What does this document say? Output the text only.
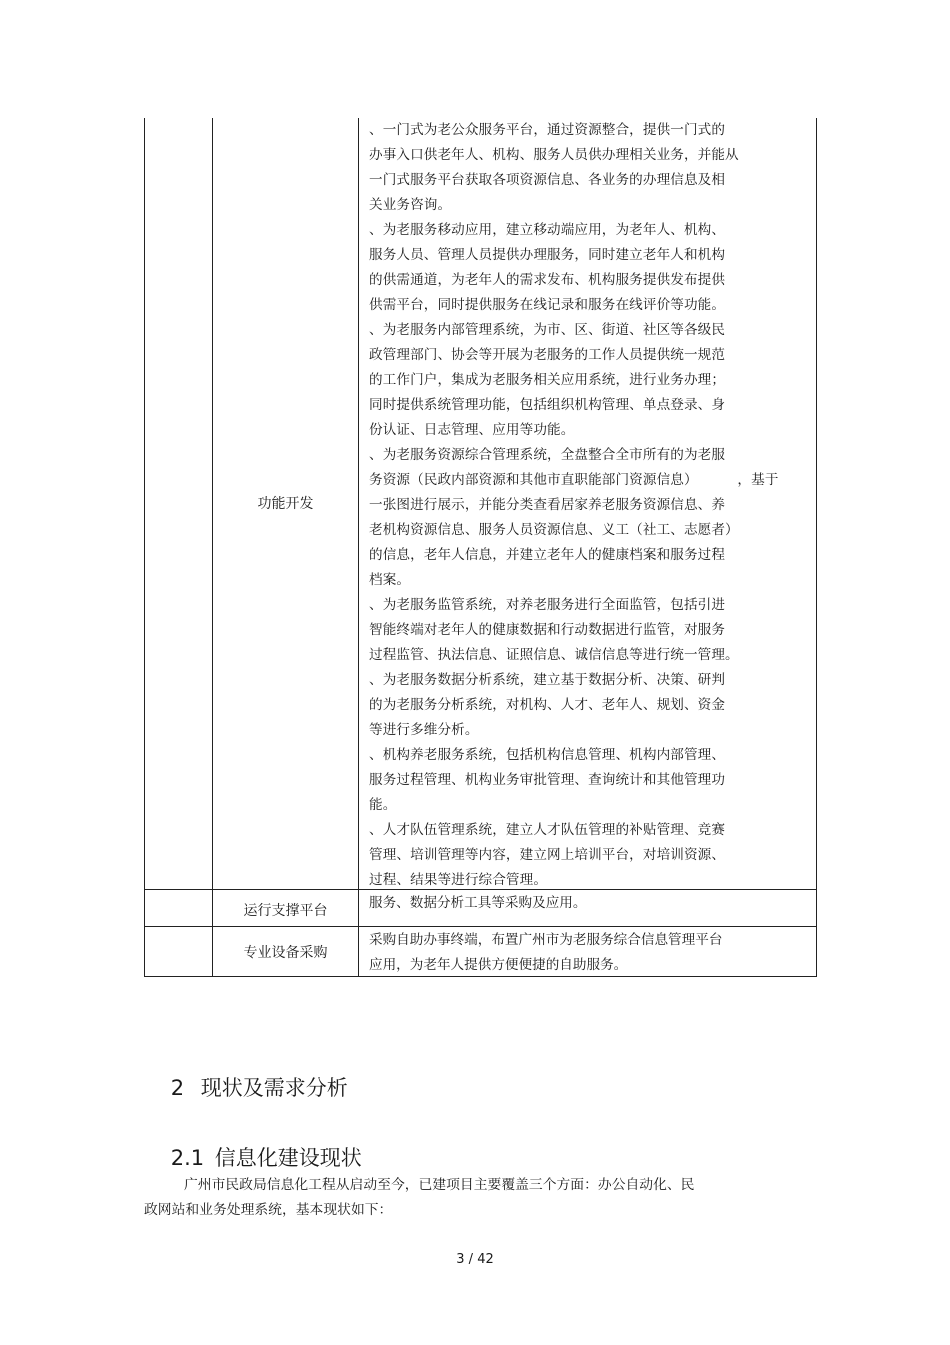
功能开发
、一门式为老公众服务平台，通过资源整合，提供一门式的
办事入口供老年人、机构、服务人员供办理相关业务，并能从
一门式服务平台获取各项资源信息、各业务的办理信息及相
关业务咨询。
、为老服务移动应用，建立移动端应用，为老年人、机构、
服务人员、管理人员提供办理服务，同时建立老年人和机构
的供需通道，为老年人的需求发布、机构服务提供发布提供
供需平台，同时提供服务在线记录和服务在线评价等功能。
、为老服务内部管理系统，为市、区、街道、社区等各级民
政管理部门、协会等开展为老服务的工作人员提供统一规范
的工作门户，集成为老服务相关应用系统，进行业务办理；
同时提供系统管理功能，包括组织机构管理、单点登录、身
份认证、日志管理、应用等功能。
、为老服务资源综合管理系统，全盘整合全市所有的为老服
务资源（民政内部资源和其他市直职能部门资源信息）         ，基于
一张图进行展示，并能分类查看居家养老服务资源信息、养
老机构资源信息、服务人员资源信息、义工（社工、志愿者）
的信息，老年人信息，并建立老年人的健康档案和服务过程
档案。
、为老服务监管系统，对养老服务进行全面监管，包括引进
智能终端对老年人的健康数据和行动数据进行监管，对服务
过程监管、执法信息、证照信息、诚信信息等进行统一管理。
、为老服务数据分析系统，建立基于数据分析、决策、研判
的为老服务分析系统，对机构、人才、老年人、规划、资金
等进行多维分析。
、机构养老服务系统，包括机构信息管理、机构内部管理、
服务过程管理、机构业务审批管理、查询统计和其他管理功
能。
、人才队伍管理系统，建立人才队伍管理的补贴管理、竞赛
管理、培训管理等内容，建立网上培训平台，对培训资源、
过程、结果等进行综合管理。
运行支撑平台	服务、数据分析工具等采购及应用。
专业设备采购
采购自助办事终端，布置广州市为老服务综合信息管理平台
应用，为老年人提供方便便捷的自助服务。

2 现状及需求分析

2.1 信息化建设现状

广州市民政局信息化工程从启动至今，已建项目主要覆盖三个方面：办公自动化、民
政网站和业务处理系统，基本现状如下：
3 / 42
